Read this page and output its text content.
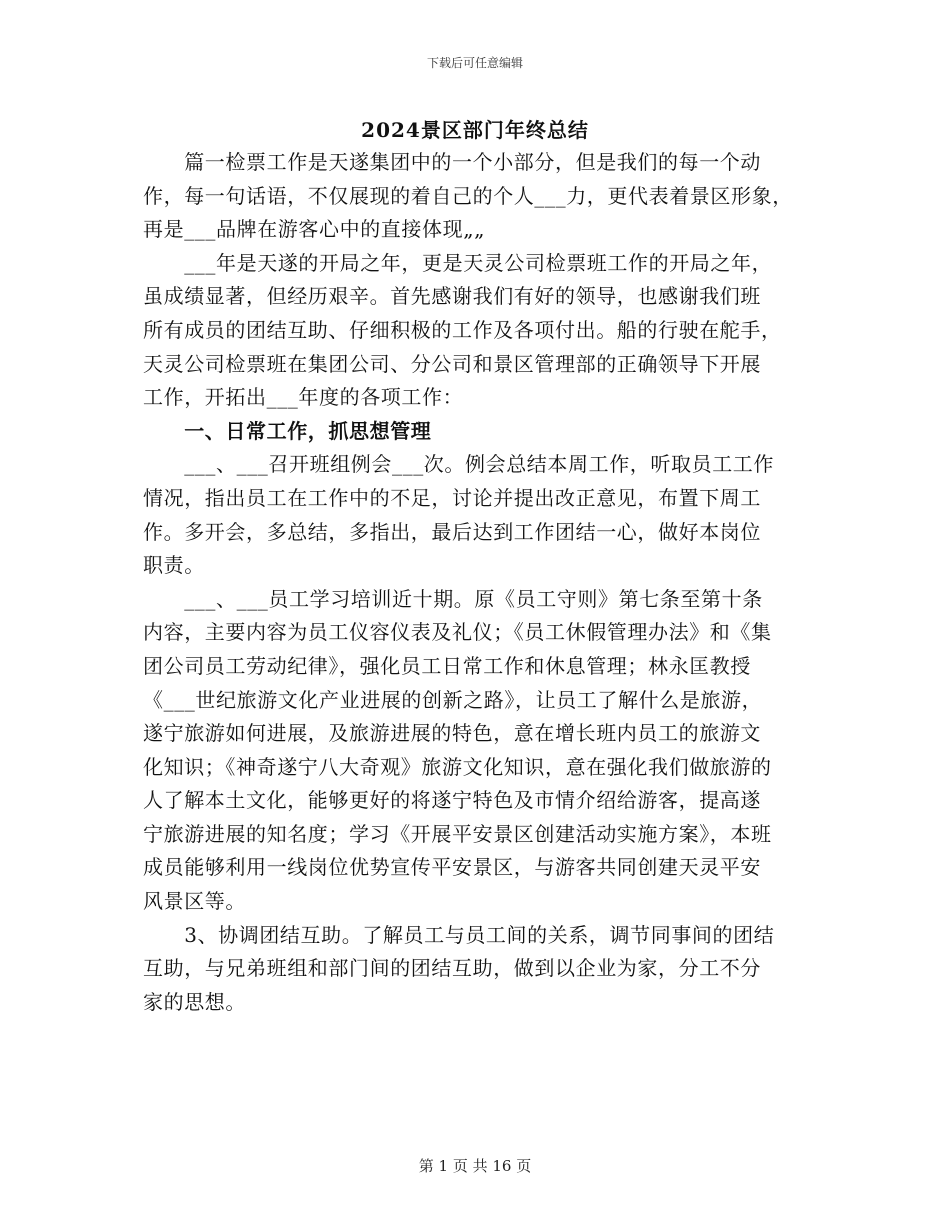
下载后可任意编辑
2024景区部门年终总结
　　篇一检票工作是天遂集团中的一个小部分，但是我们的每一个动
作，每一句话语，不仅展现的着自己的个人___力，更代表着景区形象，
再是___品牌在游客心中的直接体现„„
　　___年是天遂的开局之年，更是天灵公司检票班工作的开局之年，
虽成绩显著，但经历艰辛。首先感谢我们有好的领导，也感谢我们班
所有成员的团结互助、仔细积极的工作及各项付出。船的行驶在舵手，
天灵公司检票班在集团公司、分公司和景区管理部的正确领导下开展
工作，开拓出___年度的各项工作：
　　一、日常工作，抓思想管理
　　___、___召开班组例会___次。例会总结本周工作，听取员工工作
情况，指出员工在工作中的不足，讨论并提出改正意见，布置下周工
作。多开会，多总结，多指出，最后达到工作团结一心，做好本岗位
职责。
　　___、___员工学习培训近十期。原《员工守则》第七条至第十条
内容，主要内容为员工仪容仪表及礼仪；《员工休假管理办法》和《集
团公司员工劳动纪律》，强化员工日常工作和休息管理；林永匡教授
《___世纪旅游文化产业进展的创新之路》，让员工了解什么是旅游，
遂宁旅游如何进展，及旅游进展的特色，意在增长班内员工的旅游文
化知识；《神奇遂宁八大奇观》旅游文化知识，意在强化我们做旅游的
人了解本土文化，能够更好的将遂宁特色及市情介绍给游客，提高遂
宁旅游进展的知名度；学习《开展平安景区创建活动实施方案》，本班
成员能够利用一线岗位优势宣传平安景区，与游客共同创建天灵平安
风景区等。
　　3、协调团结互助。了解员工与员工间的关系，调节同事间的团结
互助，与兄弟班组和部门间的团结互助，做到以企业为家，分工不分
家的思想。
第 1 页 共 16 页
